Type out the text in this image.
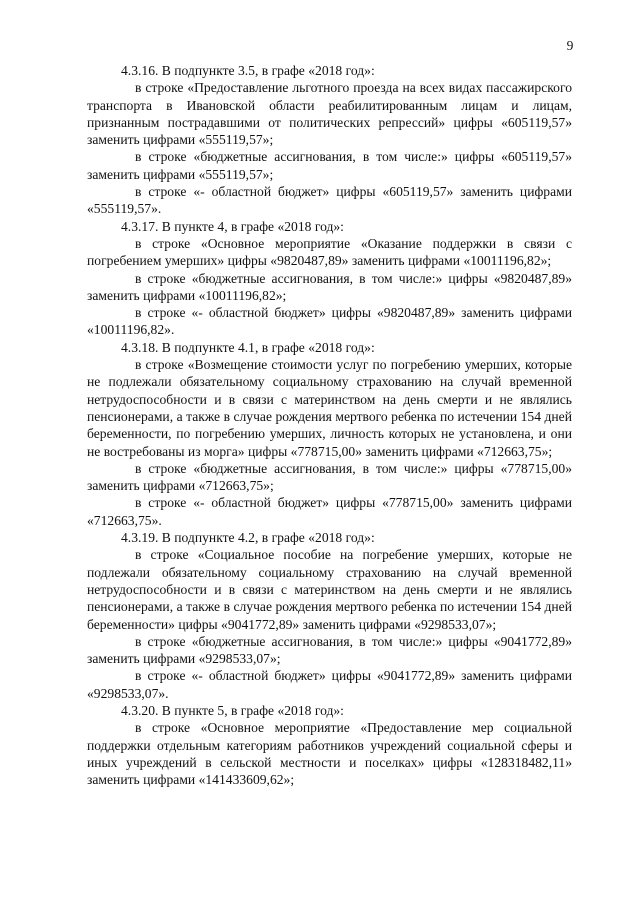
9

4.3.16. В подпункте 3.5, в графе «2018 год»:

в строке «Предоставление льготного проезда на всех видах пассажирского транспорта в Ивановской области реабилитированным лицам и лицам, признанным пострадавшими от политических репрессий» цифры «605119,57» заменить цифрами «555119,57»;

в строке «бюджетные ассигнования, в том числе:» цифры «605119,57» заменить цифрами «555119,57»;

в строке «- областной бюджет» цифры «605119,57» заменить цифрами «555119,57».

4.3.17. В пункте 4, в графе «2018 год»:

в строке «Основное мероприятие «Оказание поддержки в связи с погребением умерших» цифры «9820487,89» заменить цифрами «10011196,82»;

в строке «бюджетные ассигнования, в том числе:» цифры «9820487,89» заменить цифрами «10011196,82»;

в строке «- областной бюджет» цифры «9820487,89» заменить цифрами «10011196,82».

4.3.18. В подпункте 4.1, в графе «2018 год»:

в строке «Возмещение стоимости услуг по погребению умерших, которые не подлежали обязательному социальному страхованию на случай временной нетрудоспособности и в связи с материнством на день смерти и не являлись пенсионерами, а также в случае рождения мертвого ребенка по истечении 154 дней беременности, по погребению умерших, личность которых не установлена, и они не востребованы из морга» цифры «778715,00» заменить цифрами «712663,75»;

в строке «бюджетные ассигнования, в том числе:» цифры «778715,00» заменить цифрами «712663,75»;

в строке «- областной бюджет» цифры «778715,00» заменить цифрами «712663,75».

4.3.19. В подпункте 4.2, в графе «2018 год»:

в строке «Социальное пособие на погребение умерших, которые не подлежали обязательному социальному страхованию на случай временной нетрудоспособности и в связи с материнством на день смерти и не являлись пенсионерами, а также в случае рождения мертвого ребенка по истечении 154 дней беременности» цифры «9041772,89» заменить цифрами «9298533,07»;

в строке «бюджетные ассигнования, в том числе:» цифры «9041772,89» заменить цифрами «9298533,07»;

в строке «- областной бюджет» цифры «9041772,89» заменить цифрами «9298533,07».

4.3.20. В пункте 5, в графе «2018 год»:

в строке «Основное мероприятие «Предоставление мер социальной поддержки отдельным категориям работников учреждений социальной сферы и иных учреждений в сельской местности и поселках» цифры «128318482,11» заменить цифрами «141433609,62»;
